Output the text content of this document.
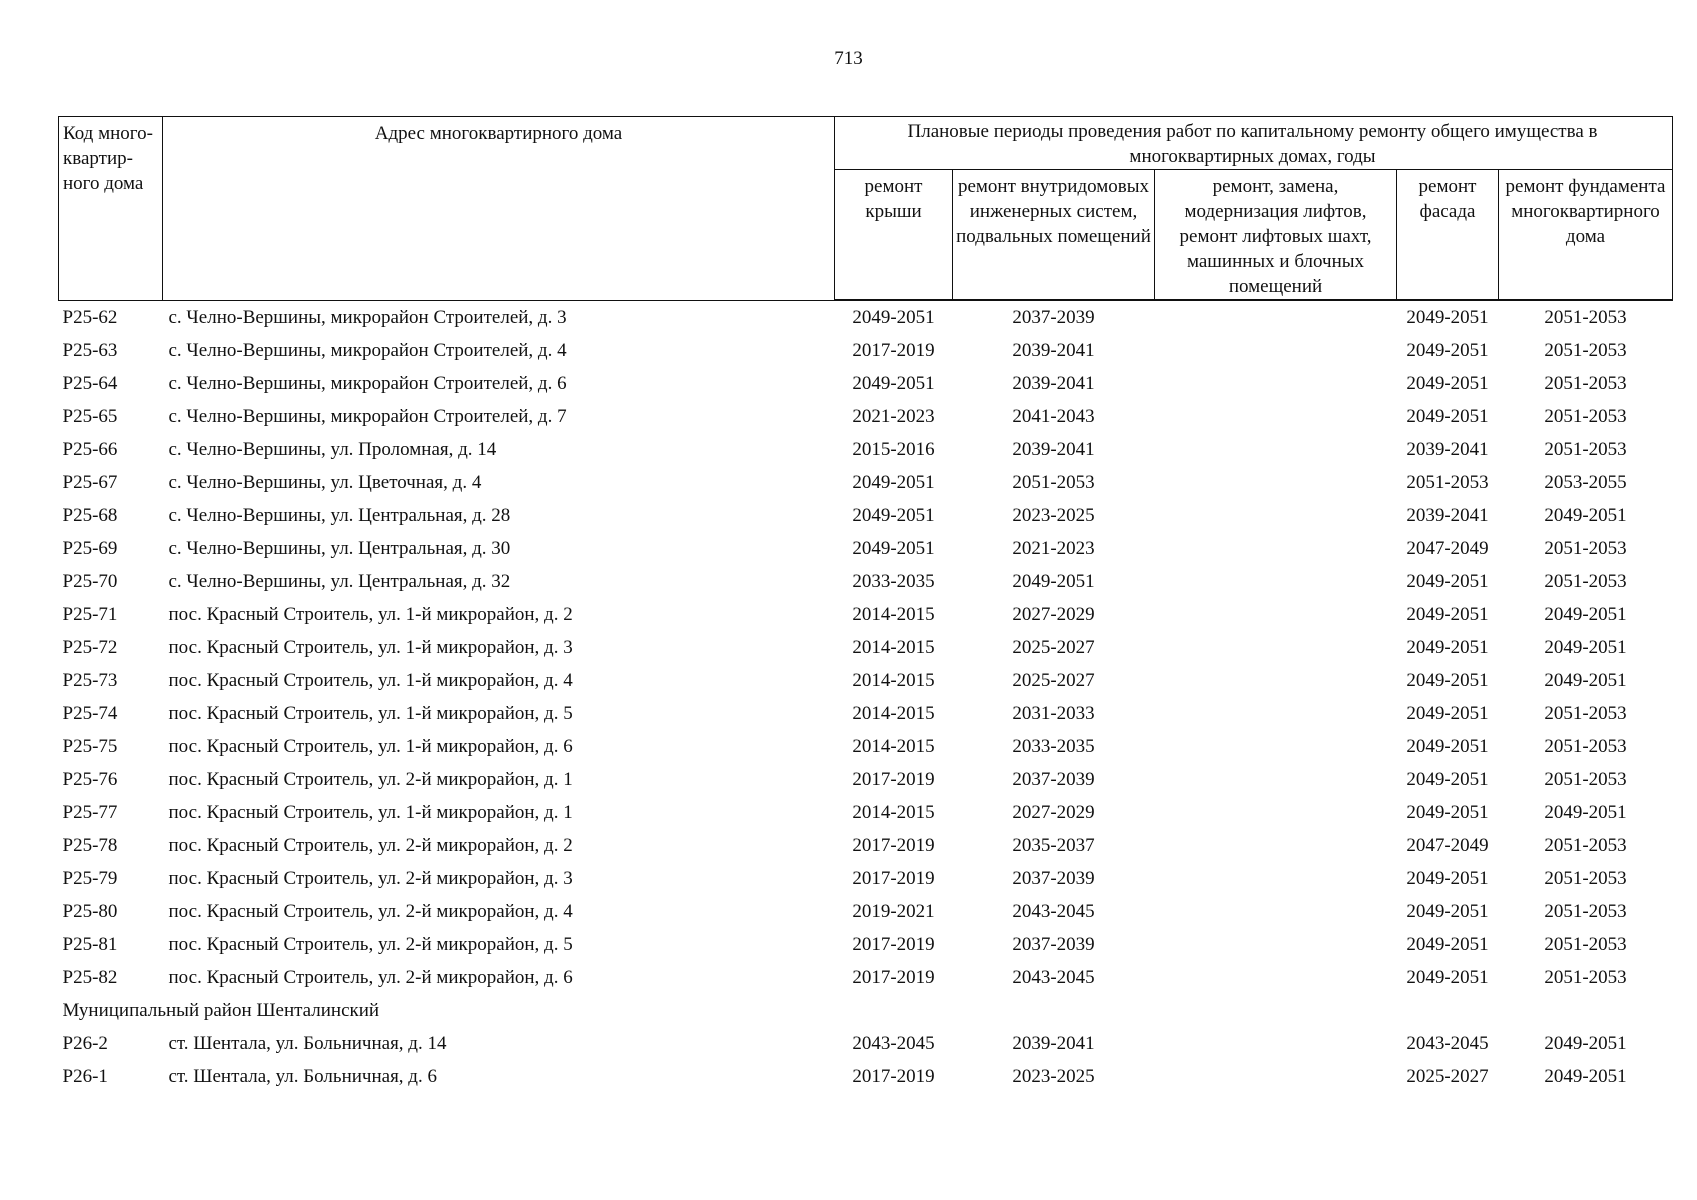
713
Код много-квартир-ного дома	Адрес многоквартирного дома	Плановые периоды проведения работ по капитальному ремонту общего имущества в многоквартирных домах, годы				

		ремонт крыши	ремонт внутридомовых инженерных систем, подвальных помещений	ремонт, замена, модернизация лифтов, ремонт лифтовых шахт, машинных и блочных помещений	ремонт фасада	ремонт фундамента многоквартирного дома
Р25-62	с. Челно-Вершины, микрорайон Строителей, д. 3	2049-2051	2037-2039		2049-2051	2051-2053
Р25-63	с. Челно-Вершины, микрорайон Строителей, д. 4	2017-2019	2039-2041		2049-2051	2051-2053
Р25-64	с. Челно-Вершины, микрорайон Строителей, д. 6	2049-2051	2039-2041		2049-2051	2051-2053
Р25-65	с. Челно-Вершины, микрорайон Строителей, д. 7	2021-2023	2041-2043		2049-2051	2051-2053
Р25-66	с. Челно-Вершины, ул. Проломная, д. 14	2015-2016	2039-2041		2039-2041	2051-2053
Р25-67	с. Челно-Вершины, ул. Цветочная, д. 4	2049-2051	2051-2053		2051-2053	2053-2055
Р25-68	с. Челно-Вершины, ул. Центральная, д. 28	2049-2051	2023-2025		2039-2041	2049-2051
Р25-69	с. Челно-Вершины, ул. Центральная, д. 30	2049-2051	2021-2023		2047-2049	2051-2053
Р25-70	с. Челно-Вершины, ул. Центральная, д. 32	2033-2035	2049-2051		2049-2051	2051-2053
Р25-71	пос. Красный Строитель, ул. 1-й микрорайон, д. 2	2014-2015	2027-2029		2049-2051	2049-2051
Р25-72	пос. Красный Строитель, ул. 1-й микрорайон, д. 3	2014-2015	2025-2027		2049-2051	2049-2051
Р25-73	пос. Красный Строитель, ул. 1-й микрорайон, д. 4	2014-2015	2025-2027		2049-2051	2049-2051
Р25-74	пос. Красный Строитель, ул. 1-й микрорайон, д. 5	2014-2015	2031-2033		2049-2051	2051-2053
Р25-75	пос. Красный Строитель, ул. 1-й микрорайон, д. 6	2014-2015	2033-2035		2049-2051	2051-2053
Р25-76	пос. Красный Строитель, ул. 2-й микрорайон, д. 1	2017-2019	2037-2039		2049-2051	2051-2053
Р25-77	пос. Красный Строитель, ул. 1-й микрорайон, д. 1	2014-2015	2027-2029		2049-2051	2049-2051
Р25-78	пос. Красный Строитель, ул. 2-й микрорайон, д. 2	2017-2019	2035-2037		2047-2049	2051-2053
Р25-79	пос. Красный Строитель, ул. 2-й микрорайон, д. 3	2017-2019	2037-2039		2049-2051	2051-2053
Р25-80	пос. Красный Строитель, ул. 2-й микрорайон, д. 4	2019-2021	2043-2045		2049-2051	2051-2053
Р25-81	пос. Красный Строитель, ул. 2-й микрорайон, д. 5	2017-2019	2037-2039		2049-2051	2051-2053
Р25-82	пос. Красный Строитель, ул. 2-й микрорайон, д. 6	2017-2019	2043-2045		2049-2051	2051-2053
Муниципальный район Шенталинский						
Р26-2	ст. Шентала, ул. Больничная, д. 14	2043-2045	2039-2041		2043-2045	2049-2051
Р26-1	ст. Шентала, ул. Больничная, д. 6	2017-2019	2023-2025		2025-2027	2049-2051
